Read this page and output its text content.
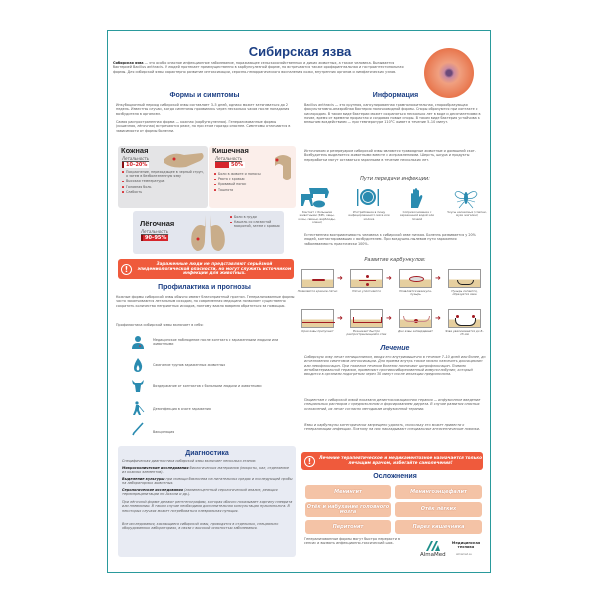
Сибирская язва
Сибирская язва — это особо опасное инфекционное заболевание, поражающее сельскохозяйственных и диких животных, а также человека. Вызывается бактерией Bacillus anthracis. У людей протекает преимущественно в карбункулезной форме, но встречаются также орофарингеальная и гастроинтестинальная формы. Для сибирской язвы характерно развитие интоксикации, серозно-геморрагического воспаления кожи, внутренних органов и лимфатических узлов.
Формы и симптомы
Инкубационный период сибирской язвы составляет 3–5 дней, однако может затягиваться до 2 недель. Известны случаи, когда симптомы проявились через несколько часов после попадания возбудителя в организм.
Самая распространенная форма — кожная (карбункулезная). Генерализованные формы (кишечная, лёгочная) встречаются реже, но при этом гораздо опаснее. Симптомы отличаются в зависимости от формы болезни.
Кожная
Летальность
10–20%
Покраснение, переходящее в черный струп, а затем в безболезненную язву
Высокая температура
Головная боль
Слабость
Кишечная
Летальность
50%
Боли в животе и поносы
Рвота с кровью
Кровавый понос
Тошнота
Лёгочная
Летальность
90–95%
Боли в груди
Кашель со слизистой мокротой, затем с кровью
!
Зараженные люди не представляют серьёзной эпидемиологической опасности, но могут служить источником инфекции для животных.
Профилактика и прогнозы
Кожные формы сибирской язвы обычно имеют благоприятный прогноз. Генерализованные формы часто заканчиваются летальным исходом, но современная медицина позволяет существенно сократить количество неприятных исходов, поэтому важно вовремя обратиться за помощью.
Профилактика сибирской язвы включает в себя:
Медицинское наблюдение после контакта с зараженными людьми или животными
Сжигание трупов зараженных животных
Воздержание от контактов с больными людьми и животными
Дезинфекция в очаге заражения
Вакцинация
Диагностика
Специфическая диагностика сибирской язвы включает несколько этапов:
Микроскопические исследования биологических материалов (мокроты, кал, отделяемое из кожных элементов).
Выделение культуры при помощи бакпосева на питательных средах и последующей пробы на лабораторных животных.
Серологические исследования (люминесцентный серологический анализ, реакция термопреципитации по Асколи и др.).
При лёгочной форме делают рентгенографию, которая обычно показывает картину плеврита или пневмонии. В таком случае необходима дополнительная консультация пульмонолога. В некоторых случаях может потребоваться плевральная пункция.
Все исследования, касающиеся сибирской язвы, проводятся в отдельных, специально оборудованных лабораториях, в связи с высокой опасностью заболевания.
Информация
Bacillus anthracis — это крупная, капсулированная грамположительная, спорообразующая факультативно-анаэробная бактерия палочковидной формы. Споры образуются при контакте с кислородом. В таком виде бактерии может сохраняться несколько лет в воде и десятилетиями в почве, время от времени прорастая и создавая новые споры. В таком виде бактерия устойчива к внешним воздействиям — при температуре 110°С живет в течение 5–10 минут.
Источником и резервуаром сибирской язвы являются травоядные животные и домашний скот. Возбудитель выделяется животными вместе с испражнениями. Шерсть, шкура и продукты переработки могут оставаться заразными в течение нескольких лет.
Пути передачи инфекции:
Контакт с больными животными (КРС, овцы, козы, свиньи, верблюды, олени)
Употребление в пищу инфицированного мяса или молока
Соприкосновение с зараженной водой или почвой
Укусы насекомых (слепни, мухи жигалки)
Естественная восприимчивость человека к сибирской язве низкая. Болезнь развивается у 20% людей, контактировавших с возбудителем. При воздушно-пылевом пути заражения заболеваемость практически 100%.
Развитие карбункулов:
Появляется красное пятно
➜
Пятно уплотняется
➜
Появляется везикула-пузырь
➜
Пузырь лопается, образуется язва
Края язвы припухают
➜
Возникает быстро распространяющийся отек
➜
Дно язвы затвердевает
➜
Язва увеличивается до 8–15 мм
Лечение
Сибирскую язву лечат пенициллином, вводя его внутримышечно в течение 7–10 дней или более, до исчезновения симптомов интоксикации. Для приема внутрь также можно назначить доксициклин или левофлоксацин. При тяжелом течении болезни назначают ципрофлоксацин. Помимо антибактериальной терапии, применяют противосибиреязвенный иммуноглобулин, который вводится в организм подогретым через 30 минут после инъекции преднизолона.
Пациентам с сибирской язвой показана дезинтоксикационная терапия — инфузионное введение специальных растворов с преднизолоном и форсированием диуреза. В случае развития опасных осложнений, их лечат согласно методикам инфузионной терапии.
Язвы и карбункулы категорически запрещено удалять, поскольку это может привести к генерализации инфекции. Поэтому на них накладывают специальные антисептические повязки.
!	Лечение терапевтическое и медикаментозное назначается только лечащим врачом, избегайте самолечения!
Осложнения
Менингит	Менингоэнцефалит
Отёк и набухание головного мозга	Отёк лёгких
Перитонит	Парез кишечника
Генерализованные формы могут быстро перерасти в сепсис и вызвать инфекционно-токсический шок.
AlmaMed
Медицинская техника
almamed.su
